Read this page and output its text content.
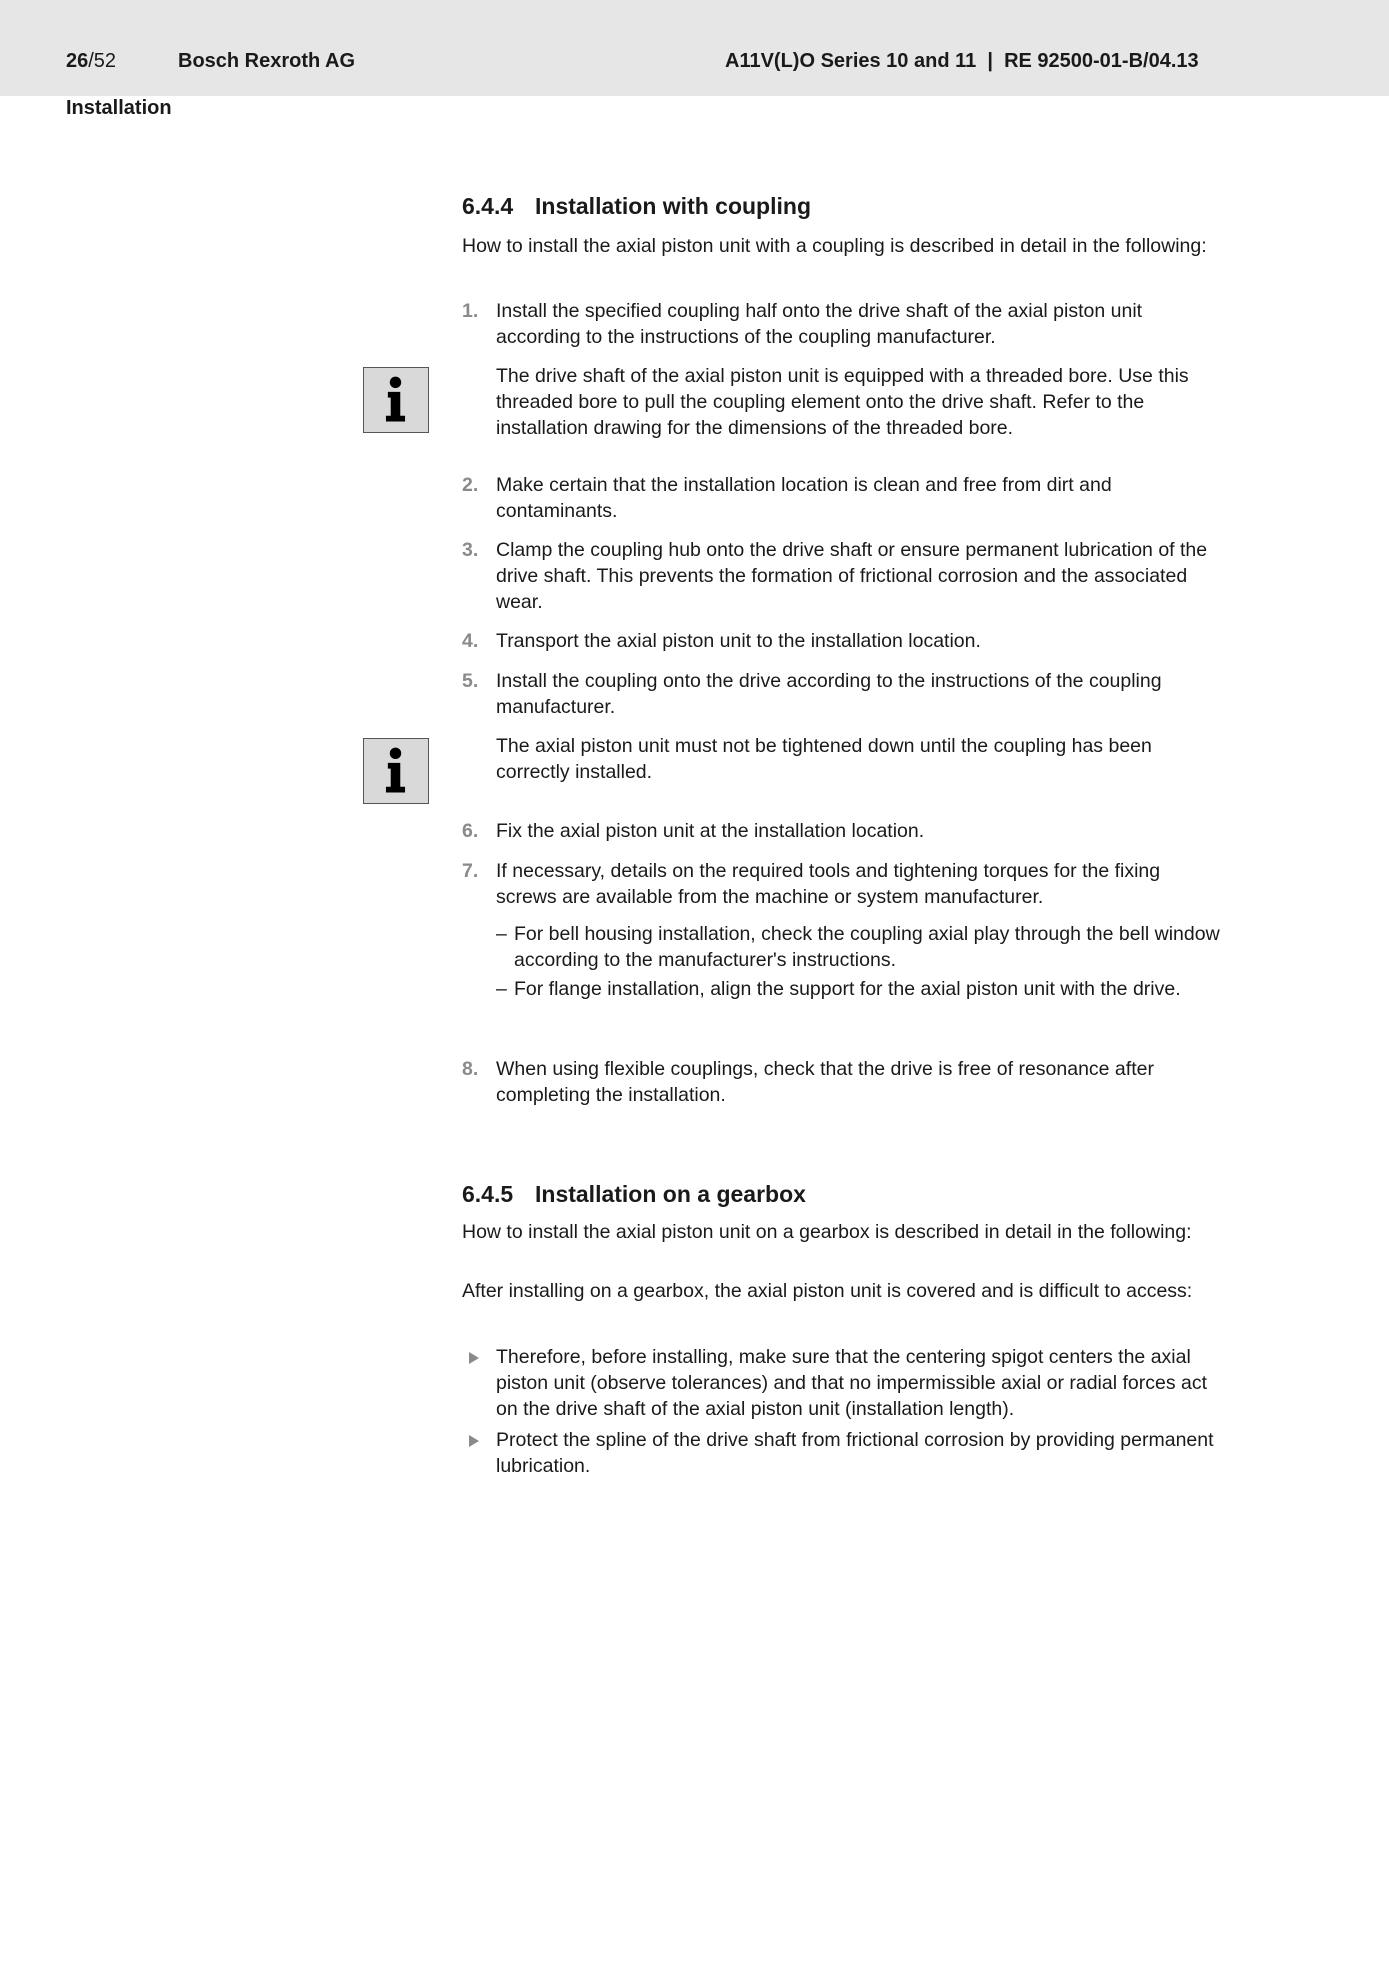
26/52	Bosch Rexroth AG	A11V(L)O Series 10 and 11  |  RE 92500-01-B/04.13
Installation
6.4.4 Installation with coupling
How to install the axial piston unit with a coupling is described in detail in the following:
1. Install the specified coupling half onto the drive shaft of the axial piston unit according to the instructions of the coupling manufacturer.
The drive shaft of the axial piston unit is equipped with a threaded bore. Use this threaded bore to pull the coupling element onto the drive shaft. Refer to the installation drawing for the dimensions of the threaded bore.
2. Make certain that the installation location is clean and free from dirt and contaminants.
3. Clamp the coupling hub onto the drive shaft or ensure permanent lubrication of the drive shaft. This prevents the formation of frictional corrosion and the associated wear.
4. Transport the axial piston unit to the installation location.
5. Install the coupling onto the drive according to the instructions of the coupling manufacturer.
The axial piston unit must not be tightened down until the coupling has been correctly installed.
6. Fix the axial piston unit at the installation location.
7. If necessary, details on the required tools and tightening torques for the fixing screws are available from the machine or system manufacturer.
– For bell housing installation, check the coupling axial play through the bell window according to the manufacturer's instructions.
– For flange installation, align the support for the axial piston unit with the drive.
8. When using flexible couplings, check that the drive is free of resonance after completing the installation.
6.4.5 Installation on a gearbox
How to install the axial piston unit on a gearbox is described in detail in the following:
After installing on a gearbox, the axial piston unit is covered and is difficult to access:
Therefore, before installing, make sure that the centering spigot centers the axial piston unit (observe tolerances) and that no impermissible axial or radial forces act on the drive shaft of the axial piston unit (installation length).
Protect the spline of the drive shaft from frictional corrosion by providing permanent lubrication.
